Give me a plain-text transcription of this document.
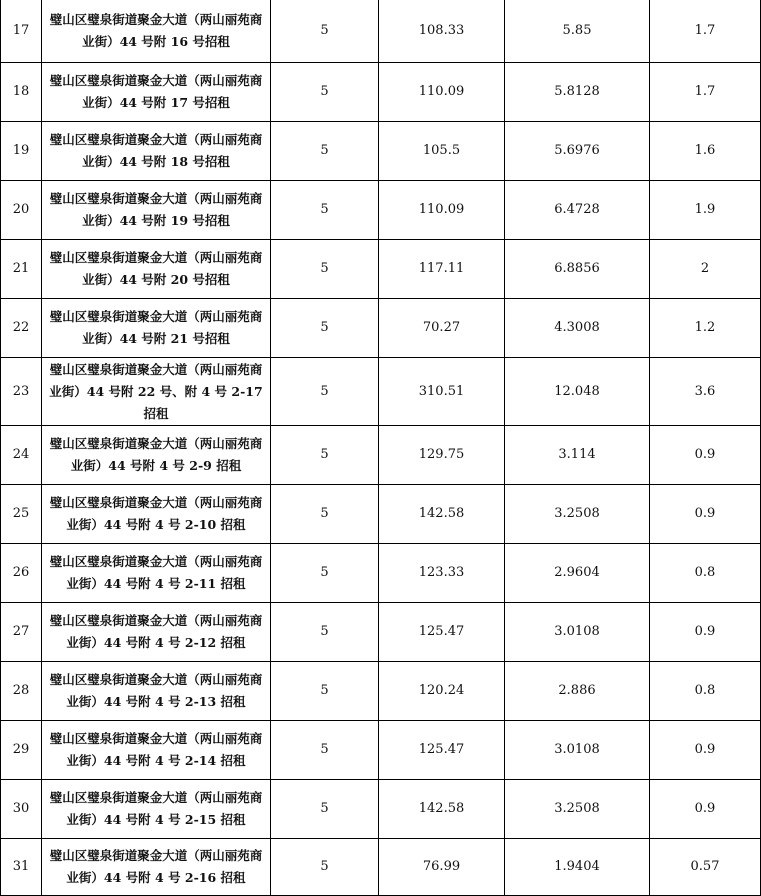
17	璧山区璧泉街道聚金大道（两山丽苑商业街）44 号附 16 号招租	5	108.33	5.85	1.7
18	璧山区璧泉街道聚金大道（两山丽苑商业街）44 号附 17 号招租	5	110.09	5.8128	1.7
19	璧山区璧泉街道聚金大道（两山丽苑商业街）44 号附 18 号招租	5	105.5	5.6976	1.6
20	璧山区璧泉街道聚金大道（两山丽苑商业街）44 号附 19 号招租	5	110.09	6.4728	1.9
21	璧山区璧泉街道聚金大道（两山丽苑商业街）44 号附 20 号招租	5	117.11	6.8856	2
22	璧山区璧泉街道聚金大道（两山丽苑商业街）44 号附 21 号招租	5	70.27	4.3008	1.2
23	璧山区璧泉街道聚金大道（两山丽苑商业街）44 号附 22 号、附 4 号 2-17 招租	5	310.51	12.048	3.6
24	璧山区璧泉街道聚金大道（两山丽苑商业街）44 号附 4 号 2-9 招租	5	129.75	3.114	0.9
25	璧山区璧泉街道聚金大道（两山丽苑商业街）44 号附 4 号 2-10 招租	5	142.58	3.2508	0.9
26	璧山区璧泉街道聚金大道（两山丽苑商业街）44 号附 4 号 2-11 招租	5	123.33	2.9604	0.8
27	璧山区璧泉街道聚金大道（两山丽苑商业街）44 号附 4 号 2-12 招租	5	125.47	3.0108	0.9
28	璧山区璧泉街道聚金大道（两山丽苑商业街）44 号附 4 号 2-13 招租	5	120.24	2.886	0.8
29	璧山区璧泉街道聚金大道（两山丽苑商业街）44 号附 4 号 2-14 招租	5	125.47	3.0108	0.9
30	璧山区璧泉街道聚金大道（两山丽苑商业街）44 号附 4 号 2-15 招租	5	142.58	3.2508	0.9
31	璧山区璧泉街道聚金大道（两山丽苑商业街）44 号附 4 号 2-16 招租	5	76.99	1.9404	0.57
